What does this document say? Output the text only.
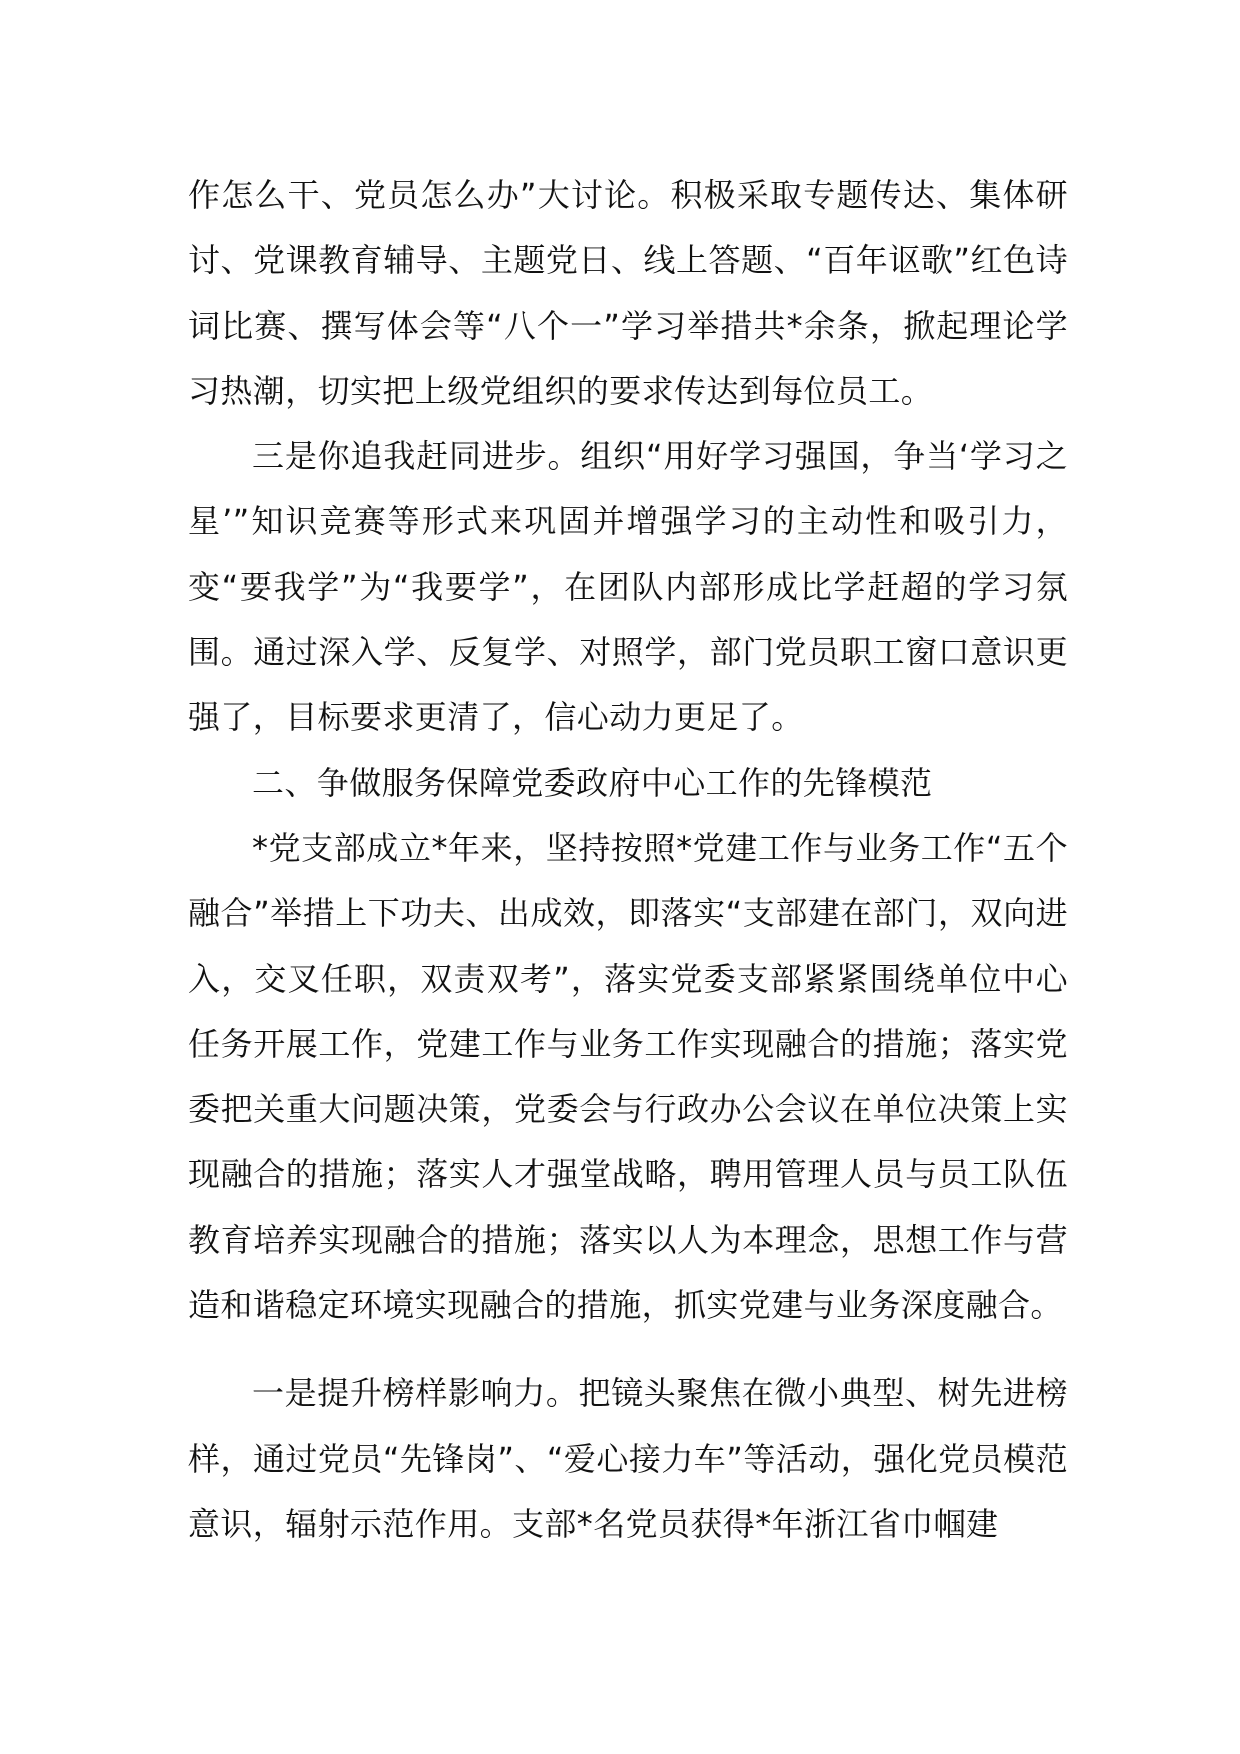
作怎么干、党员怎么办”大讨论。积极采取专题传达、集体研讨、党课教育辅导、主题党日、线上答题、“百年讴歌”红色诗词比赛、撰写体会等“八个一”学习举措共*余条，掀起理论学习热潮，切实把上级党组织的要求传达到每位员工。

三是你追我赶同进步。组织“用好学习强国，争当‘学习之星’”知识竞赛等形式来巩固并增强学习的主动性和吸引力，变“要我学”为“我要学”，在团队内部形成比学赶超的学习氛围。通过深入学、反复学、对照学，部门党员职工窗口意识更强了，目标要求更清了，信心动力更足了。

二、争做服务保障党委政府中心工作的先锋模范

*党支部成立*年来，坚持按照*党建工作与业务工作“五个融合”举措上下功夫、出成效，即落实“支部建在部门，双向进入，交叉任职，双责双考”，落实党委支部紧紧围绕单位中心任务开展工作，党建工作与业务工作实现融合的措施；落实党委把关重大问题决策，党委会与行政办公会议在单位决策上实现融合的措施；落实人才强堂战略，聘用管理人员与员工队伍教育培养实现融合的措施；落实以人为本理念，思想工作与营造和谐稳定环境实现融合的措施，抓实党建与业务深度融合。

一是提升榜样影响力。把镜头聚焦在微小典型、树先进榜样，通过党员“先锋岗”、“爱心接力车”等活动，强化党员模范意识，辐射示范作用。支部*名党员获得*年浙江省巾帼建
